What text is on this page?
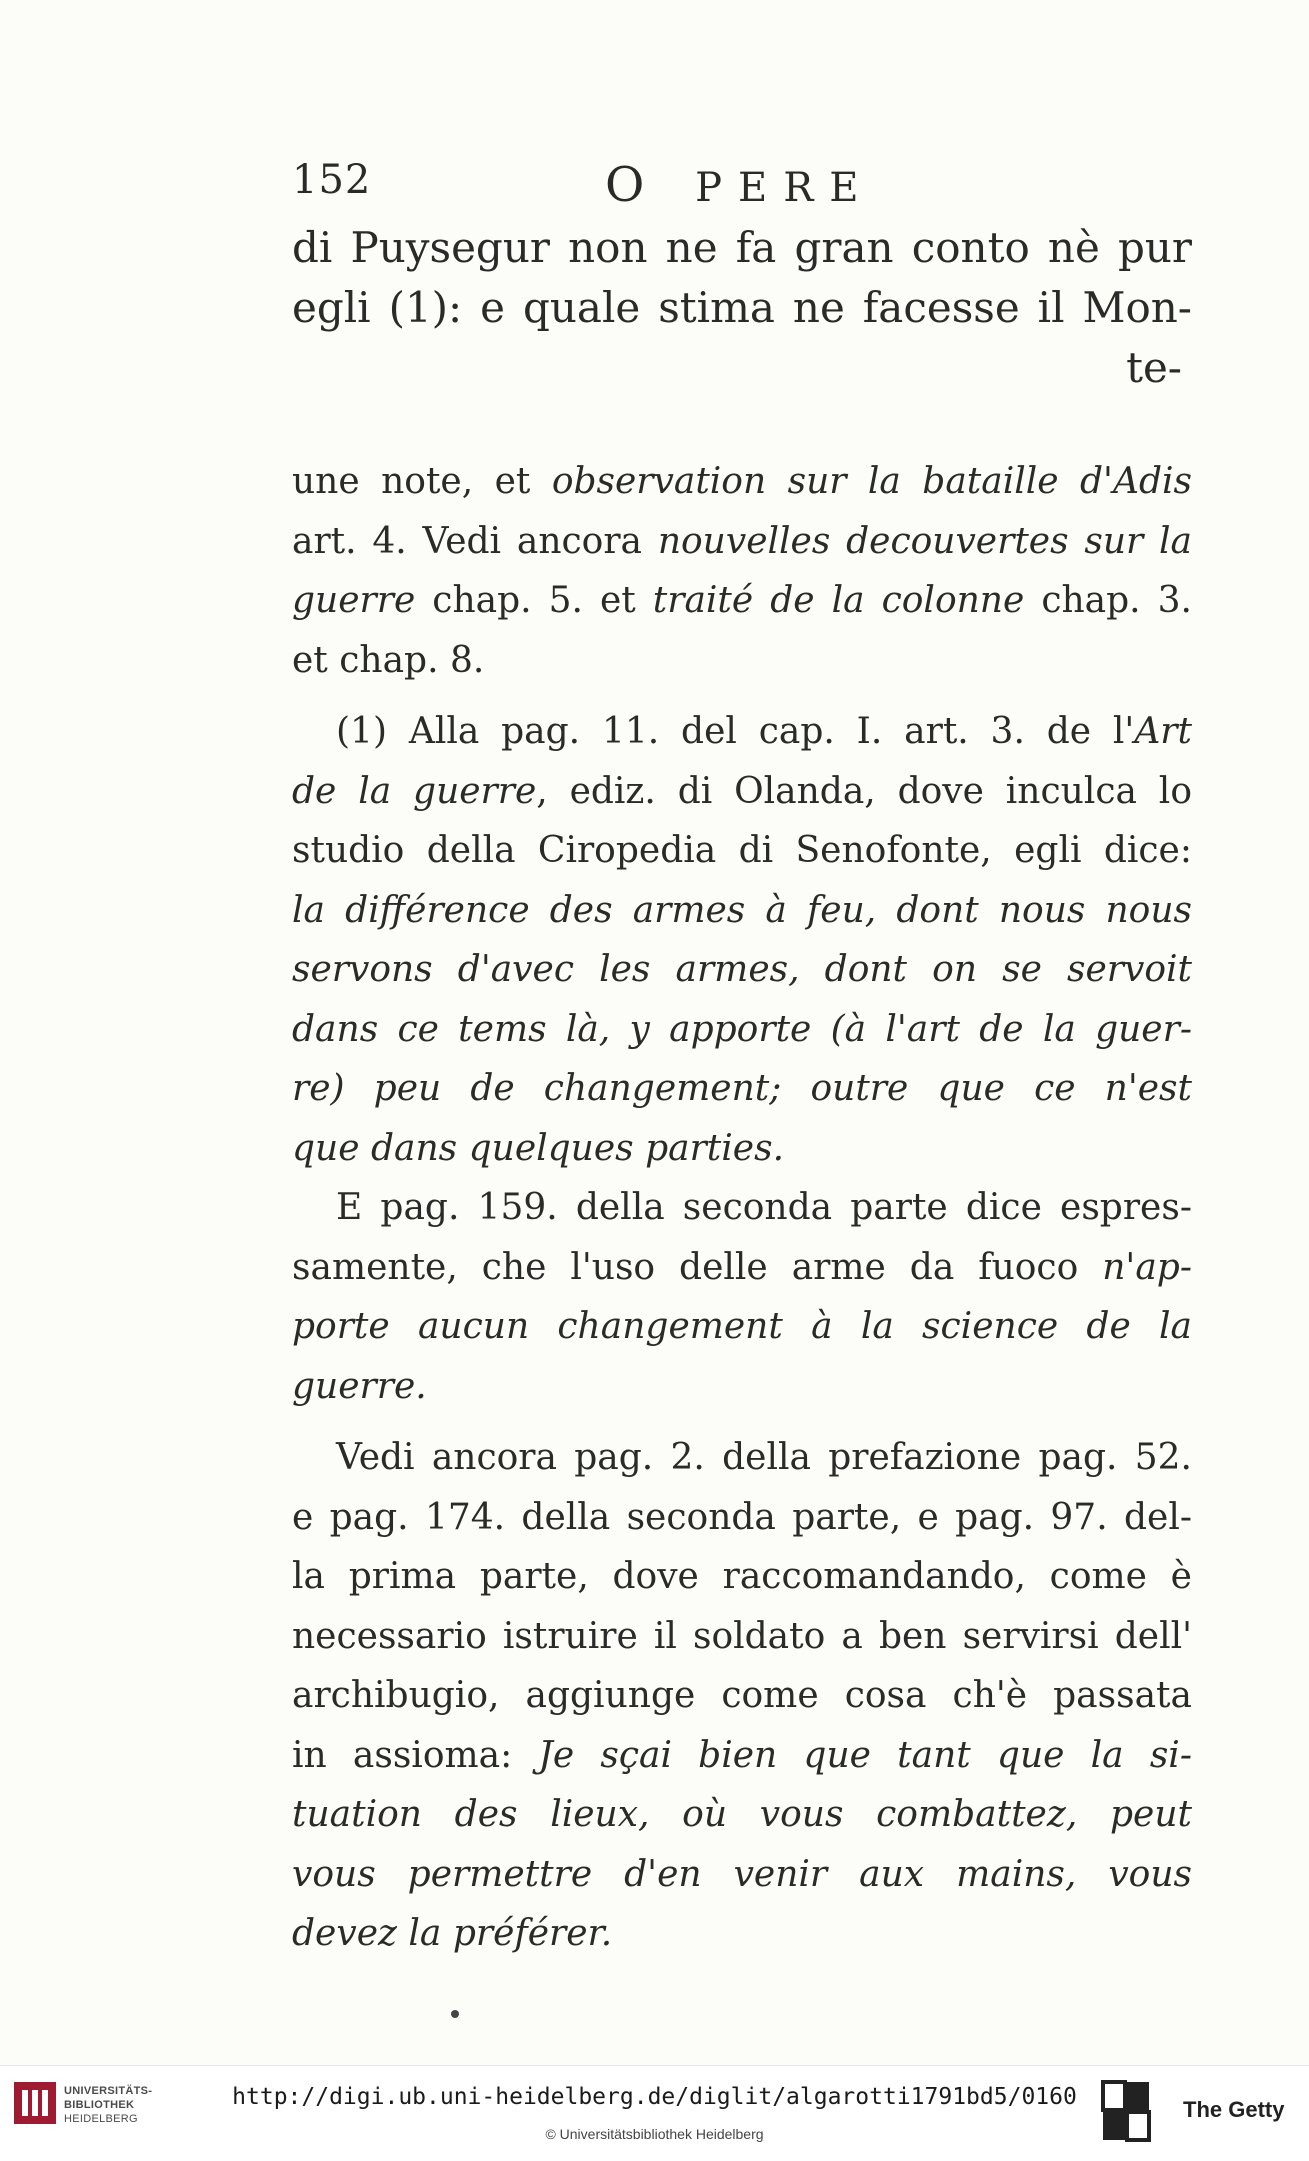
152	O PERE

di Puysegur non ne fa gran conto nè pur

egli (1): e quale stima ne facesse il Mon-

te-

une note, et observation sur la bataille d'Adis

art. 4. Vedi ancora nouvelles decouvertes sur la

guerre chap. 5. et traité de la colonne chap. 3.

et chap. 8.

(1) Alla pag. 11. del cap. I. art. 3. de l'Art

de la guerre, ediz. di Olanda, dove inculca lo

studio della Ciropedia di Senofonte, egli dice:

la différence des armes à feu, dont nous nous

servons d'avec les armes, dont on se servoit

dans ce tems là, y apporte (à l'art de la guer-

re) peu de changement; outre que ce n'est

que dans quelques parties.

E pag. 159. della seconda parte dice espres-

samente, che l'uso delle arme da fuoco n'ap-

porte aucun changement à la science de la

guerre.

Vedi ancora pag. 2. della prefazione pag. 52.

e pag. 174. della seconda parte, e pag. 97. del-

la prima parte, dove raccomandando, come è

necessario istruire il soldato a ben servirsi dell'

archibugio, aggiunge come cosa ch'è passata

in assioma: Je sçai bien que tant que la si-

tuation des lieux, où vous combattez, peut

vous permettre d'en venir aux mains, vous

devez la préférer.

UNIVERSITÄTS-
BIBLIOTHEK
HEIDELBERG
http://digi.ub.uni-heidelberg.de/diglit/algarotti1791bd5/0160
© Universitätsbibliothek Heidelberg
The Getty
